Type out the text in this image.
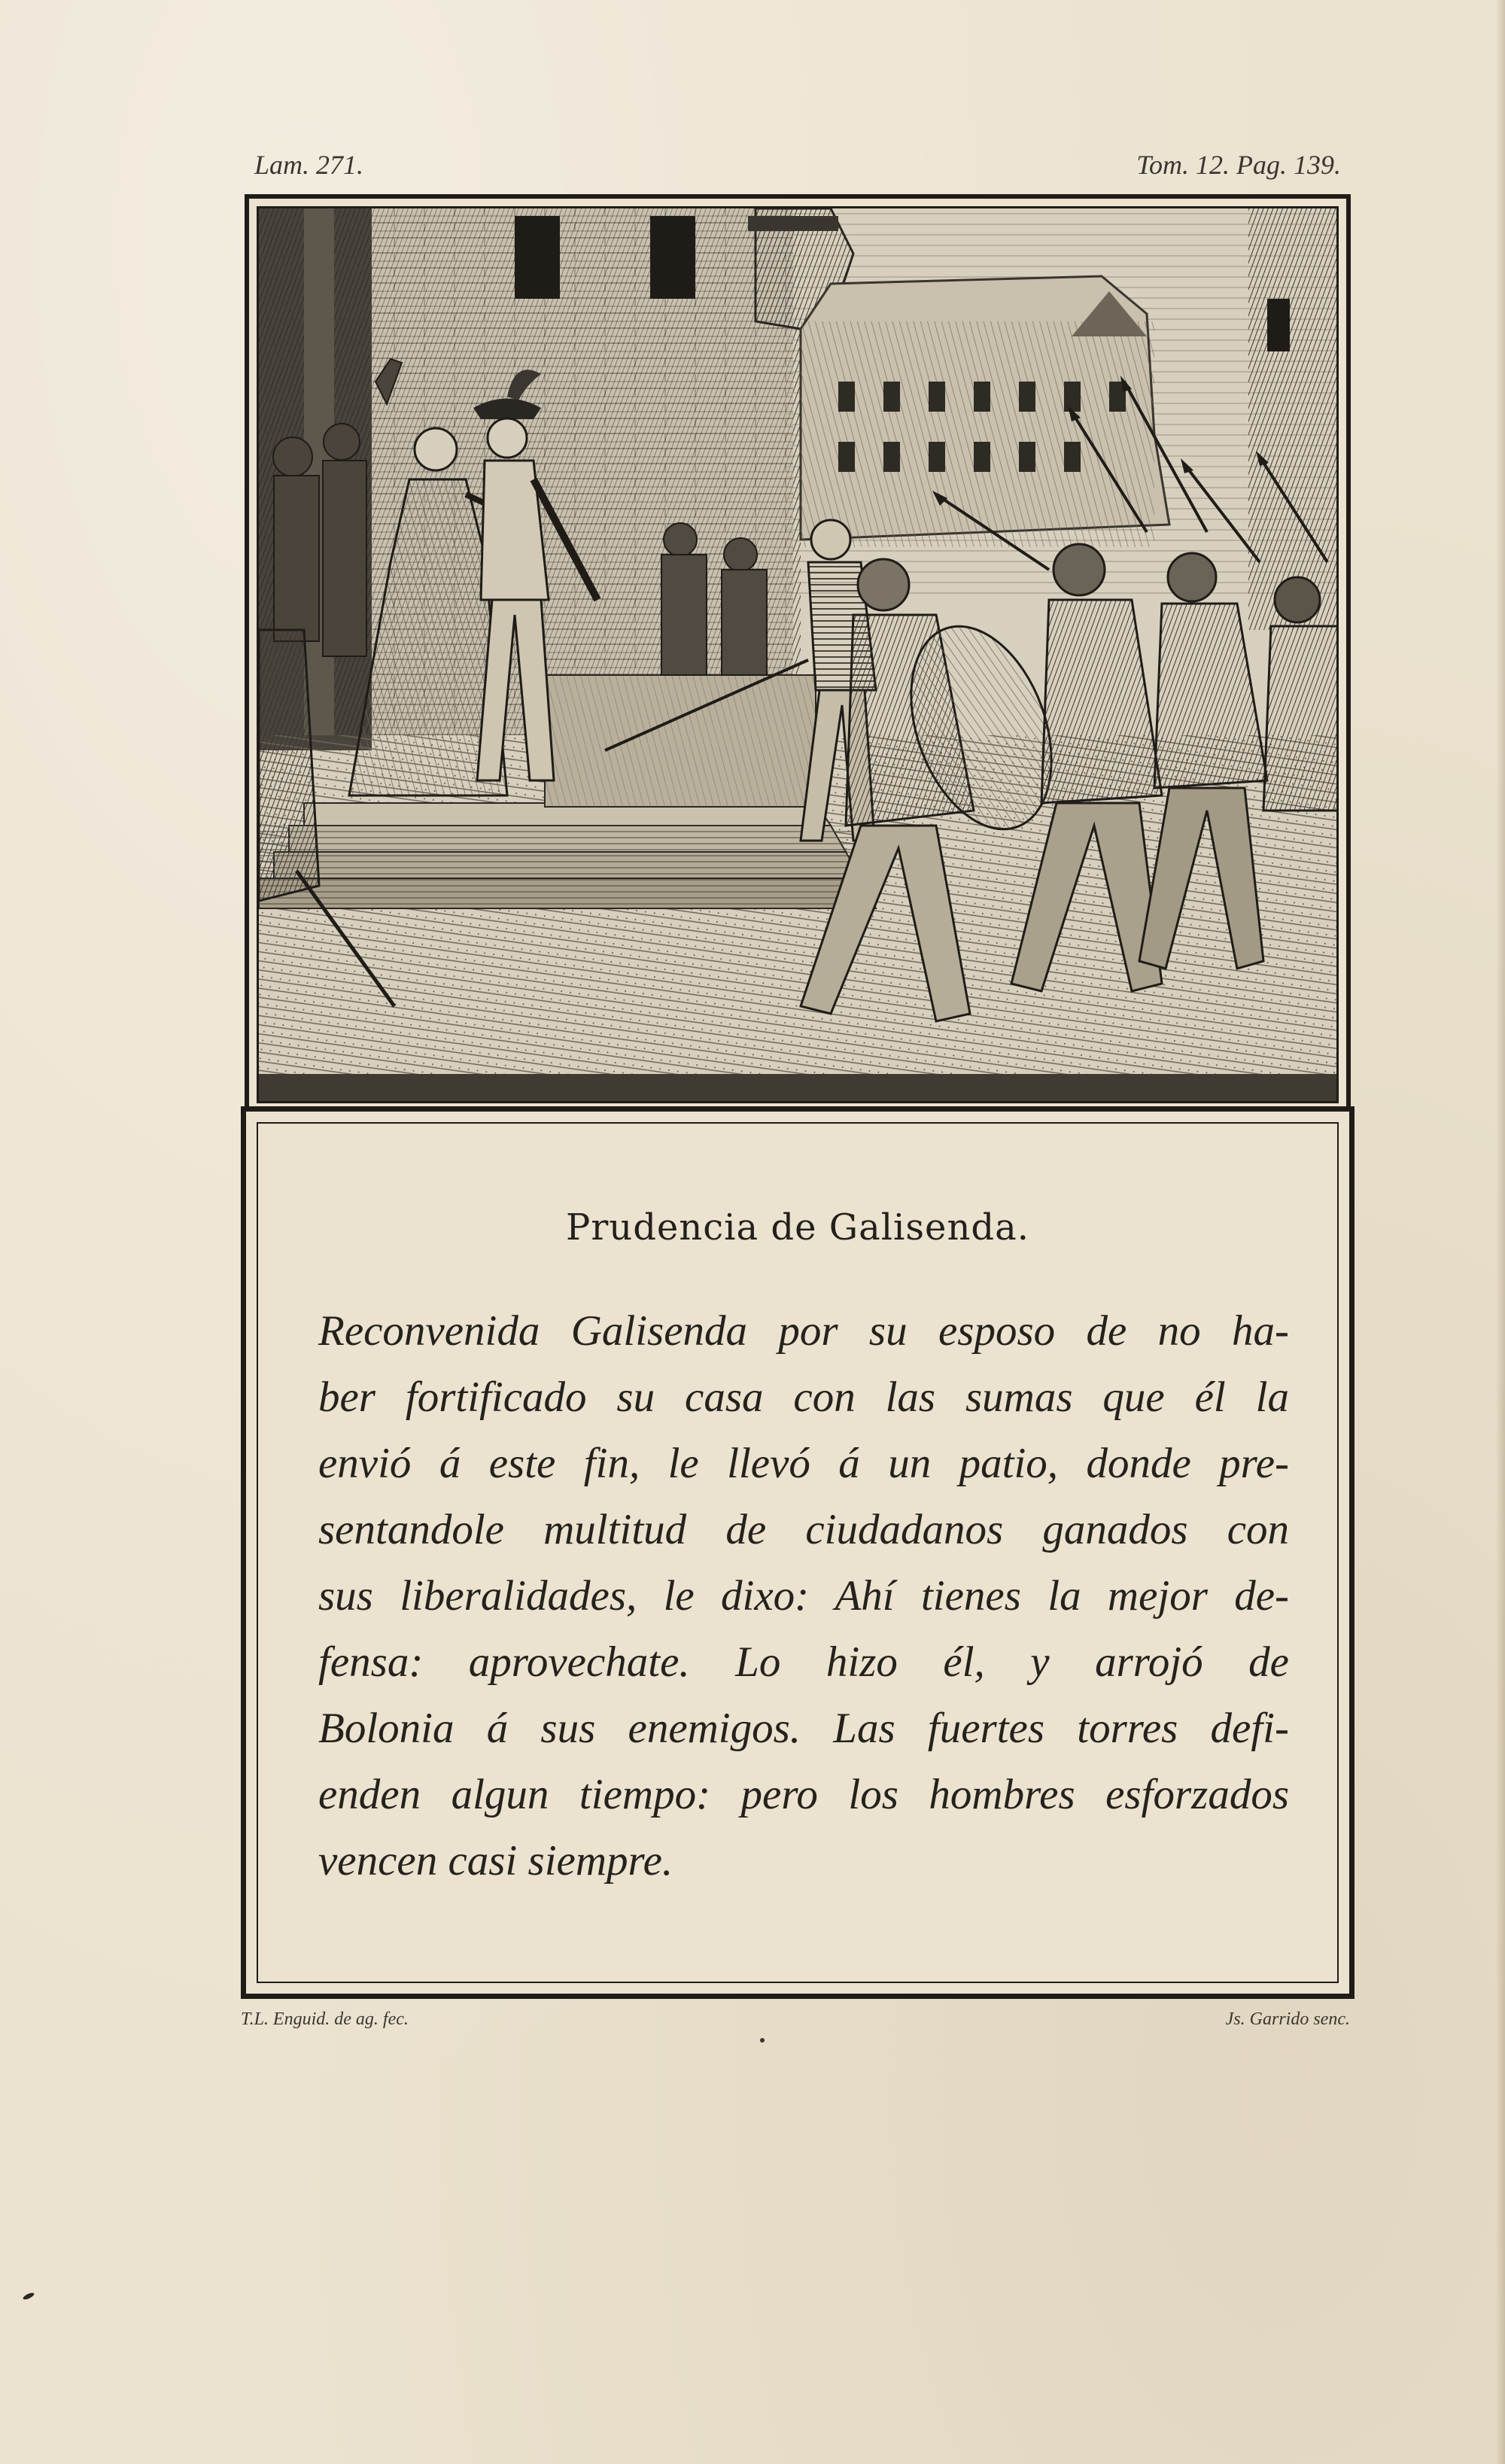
Lam. 271.	Tom. 12. Pag. 139.
Prudencia de Galisenda.
Reconvenida Galisenda por su esposo de no ha-
ber fortificado su casa con las sumas que él la
envió á este fin, le llevó á un patio, donde pre-
sentandole multitud de ciudadanos ganados con
sus liberalidades, le dixo: Ahí tienes la mejor de-
fensa: aprovechate. Lo hizo él, y arrojó de
Bolonia á sus enemigos. Las fuertes torres defi-
enden algun tiempo: pero los hombres esforzados
vencen casi siempre.
T.L. Enguid. de ag. fec.	Js. Garrido senc.
